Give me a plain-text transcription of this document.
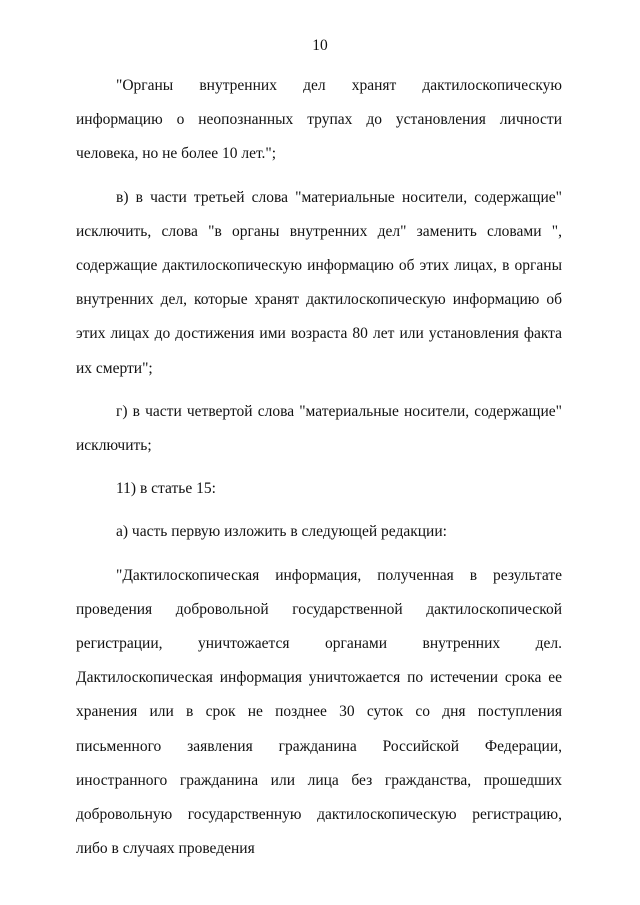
10

"Органы внутренних дел хранят дактилоскопическую информацию о неопознанных трупах до установления личности человека, но не более 10 лет.";

в) в части третьей слова "материальные носители, содержащие" исключить, слова "в органы внутренних дел" заменить словами ", содержащие дактилоскопическую информацию об этих лицах, в органы внутренних дел, которые хранят дактилоскопическую информацию об этих лицах до достижения ими возраста 80 лет или установления факта их смерти";

г) в части четвертой слова "материальные носители, содержащие" исключить;

11) в статье 15:

а) часть первую изложить в следующей редакции:

"Дактилоскопическая информация, полученная в результате проведения добровольной государственной дактилоскопической регистрации, уничтожается органами внутренних дел. Дактилоскопическая информация уничтожается по истечении срока ее хранения или в срок не позднее 30 суток со дня поступления письменного заявления гражданина Российской Федерации, иностранного гражданина или лица без гражданства, прошедших добровольную государственную дактилоскопическую регистрацию, либо в случаях проведения
